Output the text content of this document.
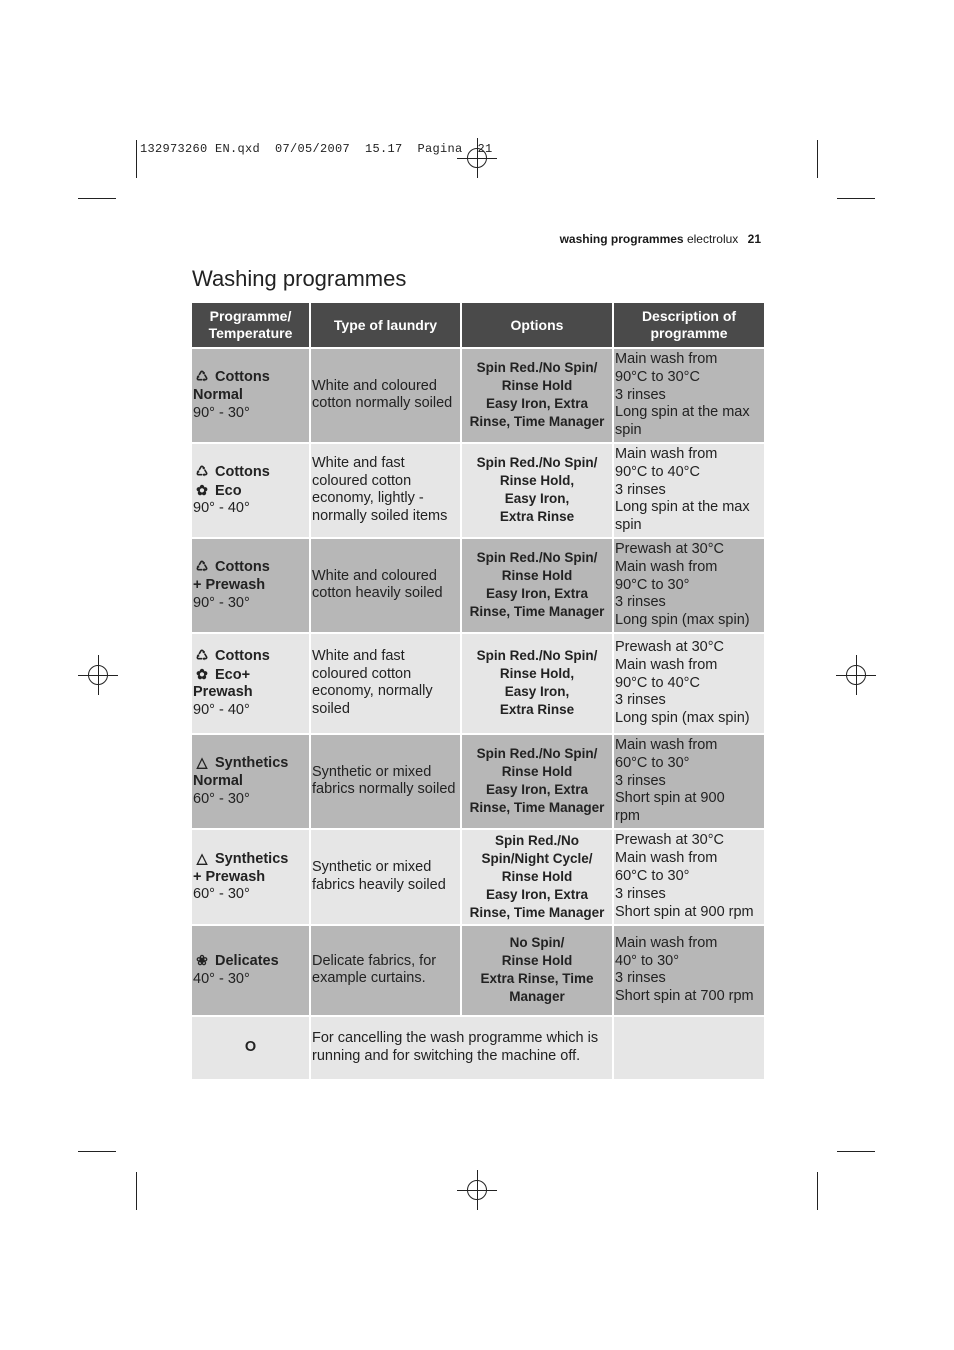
132973260 EN.qxd  07/05/2007  15.17  Pagina  21
washing programmes electrolux 21
Washing programmes
Programme/ Temperature	Type of laundry	Options	Description of programme

♺ Cottons
Normal
90° - 30°	White and coloured cotton normally soiled	Spin Red./No Spin/
Rinse Hold
Easy Iron, Extra
Rinse, Time Manager	Main wash from
90°C to 30°C
3 rinses
Long spin at the max
spin

♺ Cottons
✿ Eco
90° - 40°	White and fast coloured cotton economy, lightly - normally soiled items	Spin Red./No Spin/
Rinse Hold,
Easy Iron,
Extra Rinse	Main wash from
90°C to 40°C
3 rinses
Long spin at the max
spin

♺ Cottons
+ Prewash
90° - 30°	White and coloured cotton heavily soiled	Spin Red./No Spin/
Rinse Hold
Easy Iron, Extra
Rinse, Time Manager	Prewash at 30°C
Main wash from
90°C to 30°
3 rinses
Long spin (max spin)

♺ Cottons
✿ Eco+
Prewash
90° - 40°	White and fast coloured cotton economy, normally soiled	Spin Red./No Spin/
Rinse Hold,
Easy Iron,
Extra Rinse	Prewash at 30°C
Main wash from
90°C to 40°C
3 rinses
Long spin (max spin)

△ Synthetics
Normal
60° - 30°	Synthetic or mixed fabrics normally soiled	Spin Red./No Spin/
Rinse Hold
Easy Iron, Extra
Rinse, Time Manager	Main wash from
60°C to 30°
3 rinses
Short spin at 900
rpm

△ Synthetics
+ Prewash
60° - 30°	Synthetic or mixed fabrics heavily soiled	Spin Red./No
Spin/Night Cycle/
Rinse Hold
Easy Iron, Extra
Rinse, Time Manager	Prewash at 30°C
Main wash from
60°C to 30°
3 rinses
Short spin at 900 rpm

❀ Delicates
40° - 30°	Delicate fabrics, for example curtains.	No Spin/
Rinse Hold
Extra Rinse, Time
Manager	Main wash from
40° to 30°
3 rinses
Short spin at 700 rpm

O	For cancelling the wash programme which is running and for switching the machine off.		
